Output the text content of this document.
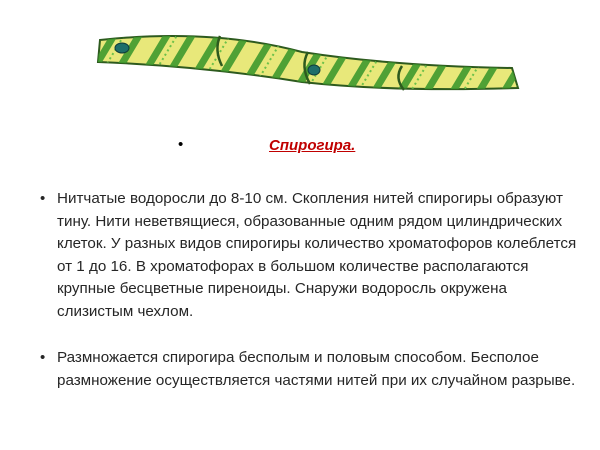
•	Спирогира.
• Нитчатые водоросли до 8-10 см. Скопления нитей спирогиры образуют тину. Нити неветвящиеся, образованные одним рядом цилиндрических клеток. У разных видов спирогиры количество хроматофоров колеблется от 1 до 16. В хроматофорах в большом количестве располагаются крупные бесцветные пиреноиды. Снаружи водоросль окружена слизистым чехлом.
• Размножается спирогира бесполым и половым способом. Бесполое размножение осуществляется частями нитей при их случайном разрыве.
